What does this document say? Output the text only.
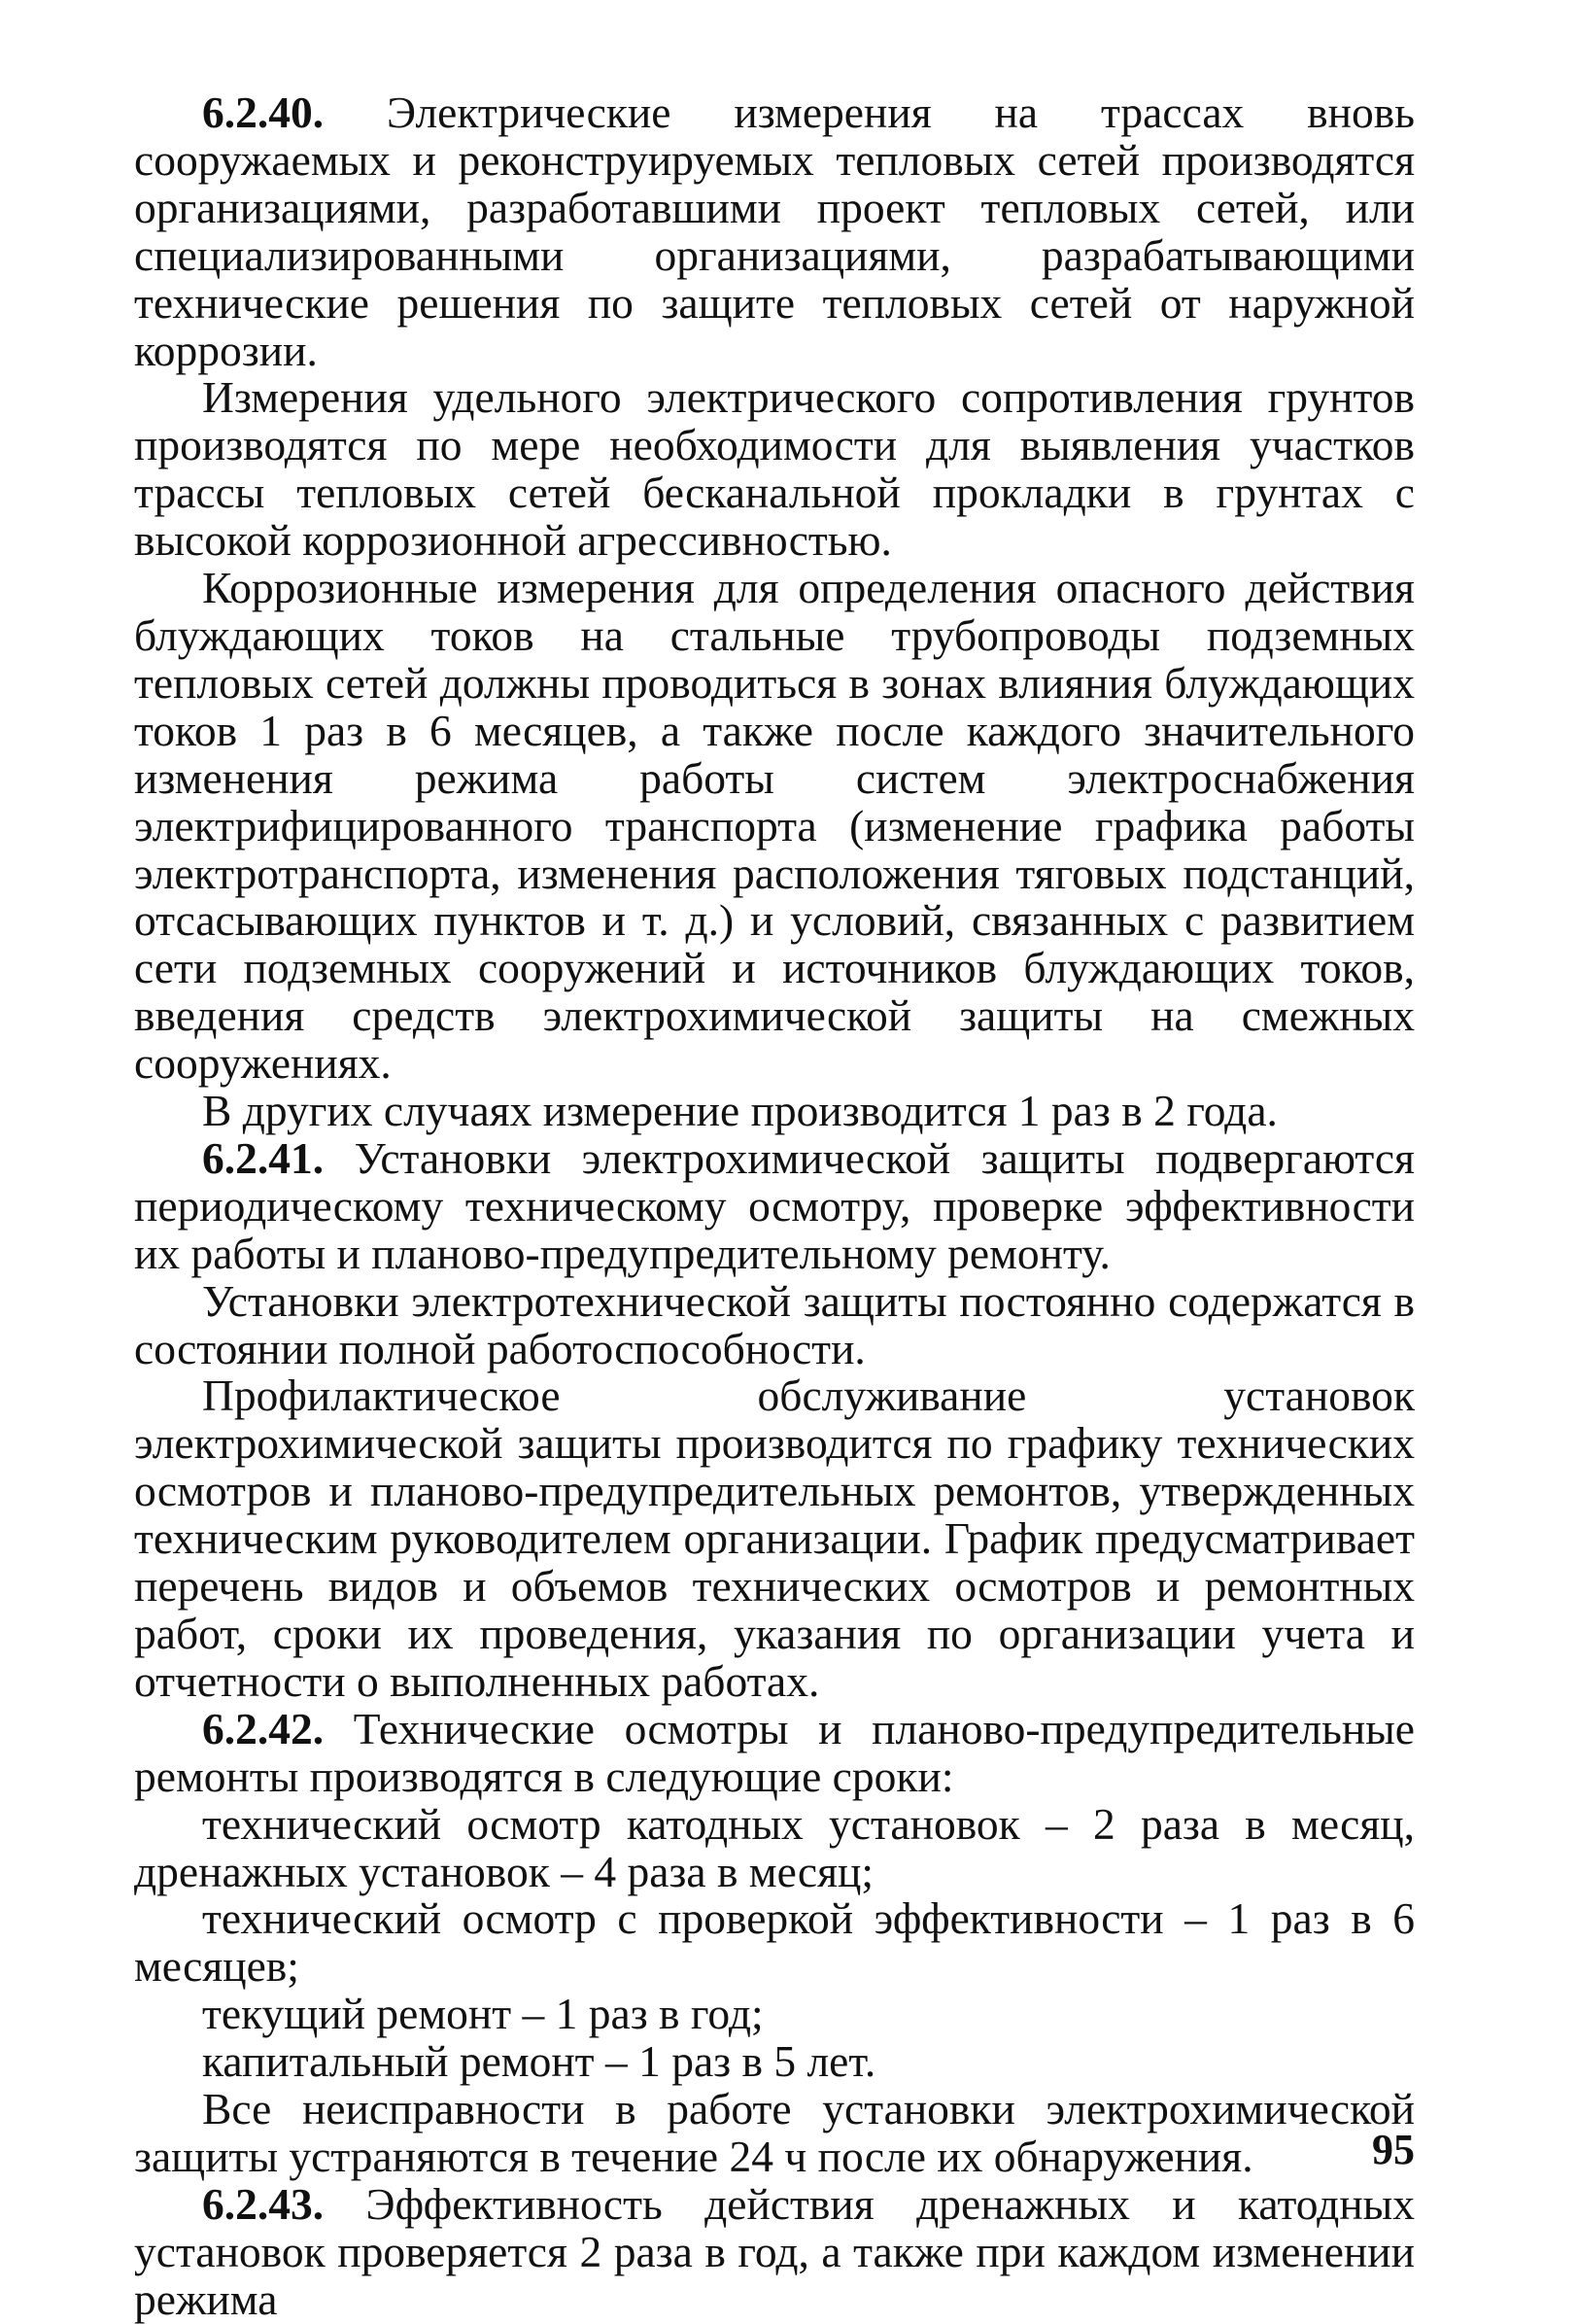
6.2.40. Электрические измерения на трассах вновь сооружаемых и реконструируемых тепловых сетей производятся организациями, разработавшими проект тепловых сетей, или специализированными организациями, разрабатывающими технические решения по защите тепловых сетей от наружной коррозии.

Измерения удельного электрического сопротивления грунтов производятся по мере необходимости для выявления участков трассы тепловых сетей бесканальной прокладки в грунтах с высокой коррозионной агрессивностью.

Коррозионные измерения для определения опасного действия блуждающих токов на стальные трубопроводы подземных тепловых сетей должны проводиться в зонах влияния блуждающих токов 1 раз в 6 месяцев, а также после каждого значительного изменения режима работы систем электроснабжения электрифицированного транспорта (изменение графика работы электротранспорта, изменения расположения тяговых подстанций, отсасывающих пунктов и т. д.) и условий, связанных с развитием сети подземных сооружений и источников блуждающих токов, введения средств электрохимической защиты на смежных сооружениях.

В других случаях измерение производится 1 раз в 2 года.

6.2.41. Установки электрохимической защиты подвергаются периодическому техническому осмотру, проверке эффективности их работы и планово-предупредительному ремонту.

Установки электротехнической защиты постоянно содержатся в состоянии полной работоспособности.

Профилактическое обслуживание установок электрохимической защиты производится по графику технических осмотров и планово-предупредительных ремонтов, утвержденных техническим руководителем организации. График предусматривает перечень видов и объемов технических осмотров и ремонтных работ, сроки их проведения, указания по организации учета и отчетности о выполненных работах.

6.2.42. Технические осмотры и планово-предупредительные ремонты производятся в следующие сроки:

технический осмотр катодных установок – 2 раза в месяц, дренажных установок – 4 раза в месяц;

технический осмотр с проверкой эффективности – 1 раз в 6 месяцев;

текущий ремонт – 1 раз в год;

капитальный ремонт – 1 раз в 5 лет.

Все неисправности в работе установки электрохимической защиты устраняются в течение 24 ч после их обнаружения.

6.2.43. Эффективность действия дренажных и катодных установок проверяется 2 раза в год, а также при каждом изменении режима

95
